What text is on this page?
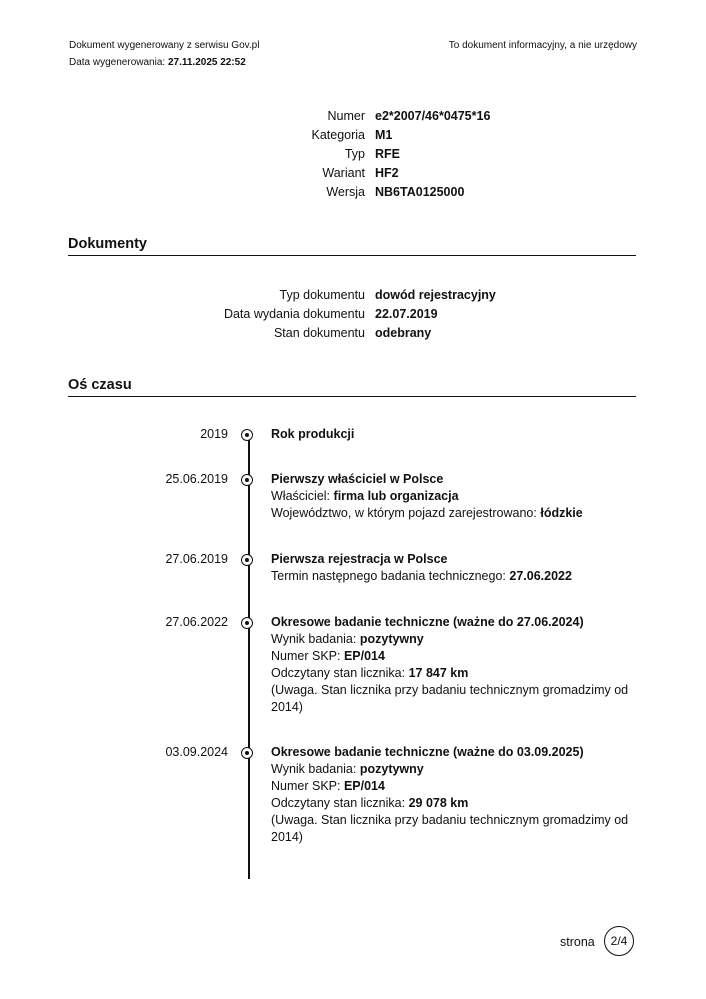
Dokument wygenerowany z serwisu Gov.pl	To dokument informacyjny, a nie urzędowy
Data wygenerowania: 27.11.2025 22:52
Numer e2*2007/46*0475*16
Kategoria M1
Typ RFE
Wariant HF2
Wersja NB6TA0125000
Dokumenty
Typ dokumentu dowód rejestracyjny
Data wydania dokumentu 22.07.2019
Stan dokumentu odebrany
Oś czasu
2019	Rok produkcji
25.06.2019	Pierwszy właściciel w Polsce
Właściciel: firma lub organizacja
Województwo, w którym pojazd zarejestrowano: łódzkie
27.06.2019	Pierwsza rejestracja w Polsce
Termin następnego badania technicznego: 27.06.2022
27.06.2022	Okresowe badanie techniczne (ważne do 27.06.2024)
Wynik badania: pozytywny
Numer SKP: EP/014
Odczytany stan licznika: 17 847 km
(Uwaga. Stan licznika przy badaniu technicznym gromadzimy od 2014)
03.09.2024	Okresowe badanie techniczne (ważne do 03.09.2025)
Wynik badania: pozytywny
Numer SKP: EP/014
Odczytany stan licznika: 29 078 km
(Uwaga. Stan licznika przy badaniu technicznym gromadzimy od 2014)
strona 2/4
